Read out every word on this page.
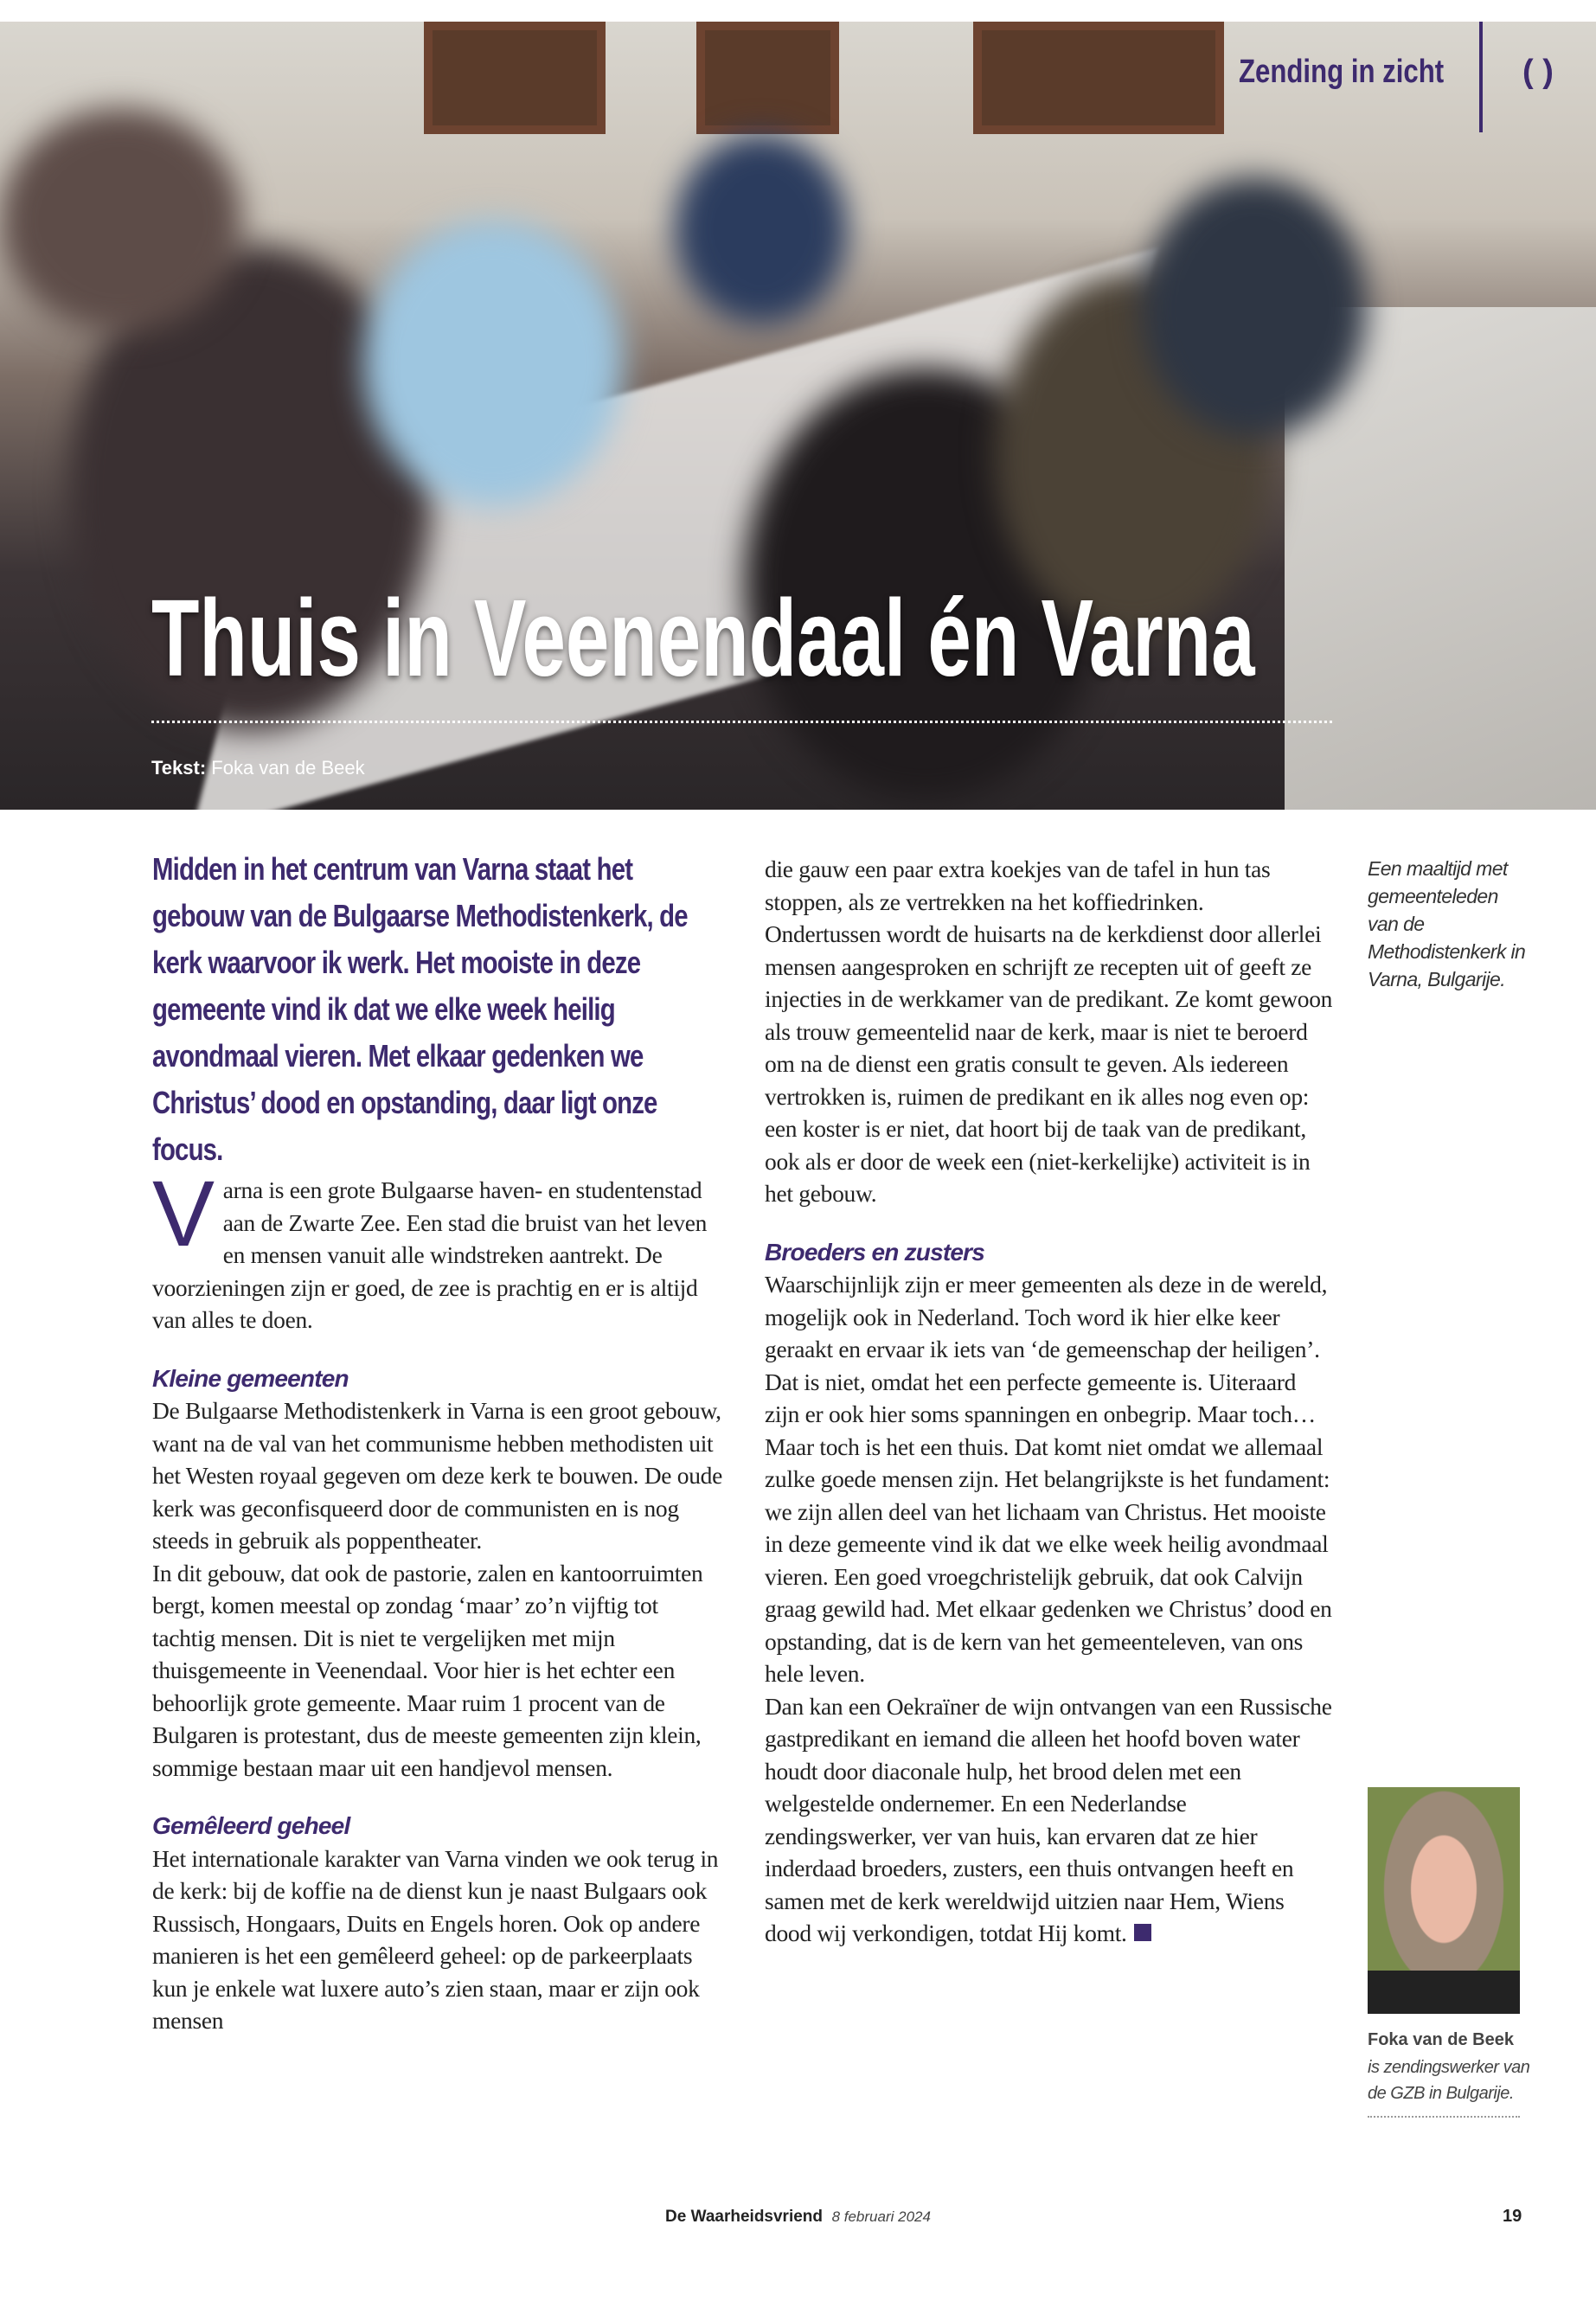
Zending in zicht ( )
Thuis in Veenendaal én Varna
Tekst: Foka van de Beek
Midden in het centrum van Varna staat het gebouw van de Bulgaarse Methodistenkerk, de kerk waarvoor ik werk. Het mooiste in deze gemeente vind ik dat we elke week heilig avondmaal vieren. Met elkaar gedenken we Christus’ dood en opstanding, daar ligt onze focus.

Varna is een grote Bulgaarse haven- en studentenstad aan de Zwarte Zee. Een stad die bruist van het leven en mensen vanuit alle windstreken aantrekt. De voorzieningen zijn er goed, de zee is prachtig en er is altijd van alles te doen.

Kleine gemeenten

De Bulgaarse Methodistenkerk in Varna is een groot gebouw, want na de val van het communisme hebben methodisten uit het Westen royaal gegeven om deze kerk te bouwen. De oude kerk was geconfisqueerd door de communisten en is nog steeds in gebruik als poppentheater.

In dit gebouw, dat ook de pastorie, zalen en kantoorruimten bergt, komen meestal op zondag ‘maar’ zo’n vijftig tot tachtig mensen. Dit is niet te vergelijken met mijn thuisgemeente in Veenendaal. Voor hier is het echter een behoorlijk grote gemeente. Maar ruim 1 procent van de Bulgaren is protestant, dus de meeste gemeenten zijn klein, sommige bestaan maar uit een handjevol mensen.

Gemêleerd geheel

Het internationale karakter van Varna vinden we ook terug in de kerk: bij de koffie na de dienst kun je naast Bulgaars ook Russisch, Hongaars, Duits en Engels horen. Ook op andere manieren is het een gemêleerd geheel: op de parkeerplaats kun je enkele wat luxere auto’s zien staan, maar er zijn ook mensen

die gauw een paar extra koekjes van de tafel in hun tas stoppen, als ze vertrekken na het koffiedrinken.

Ondertussen wordt de huisarts na de kerkdienst door allerlei mensen aangesproken en schrijft ze recepten uit of geeft ze injecties in de werkkamer van de predikant. Ze komt gewoon als trouw gemeentelid naar de kerk, maar is niet te beroerd om na de dienst een gratis consult te geven. Als iedereen vertrokken is, ruimen de predikant en ik alles nog even op: een koster is er niet, dat hoort bij de taak van de predikant, ook als er door de week een (niet-kerkelijke) activiteit is in het gebouw.

Broeders en zusters

Waarschijnlijk zijn er meer gemeenten als deze in de wereld, mogelijk ook in Nederland. Toch word ik hier elke keer geraakt en ervaar ik iets van ‘de gemeenschap der heiligen’. Dat is niet, omdat het een perfecte gemeente is. Uiteraard zijn er ook hier soms spanningen en onbegrip. Maar toch…

Maar toch is het een thuis. Dat komt niet omdat we allemaal zulke goede mensen zijn. Het belangrijkste is het fundament: we zijn allen deel van het lichaam van Christus. Het mooiste in deze gemeente vind ik dat we elke week heilig avondmaal vieren. Een goed vroegchristelijk gebruik, dat ook Calvijn graag gewild had. Met elkaar gedenken we Christus’ dood en opstanding, dat is de kern van het gemeenteleven, van ons hele leven.

Dan kan een Oekraïner de wijn ontvangen van een Russische gastpredikant en iemand die alleen het hoofd boven water houdt door diaconale hulp, het brood delen met een welgestelde ondernemer. En een Nederlandse zendingswerker, ver van huis, kan ervaren dat ze hier inderdaad broeders, zusters, een thuis ontvangen heeft en samen met de kerk wereldwijd uitzien naar Hem, Wiens dood wij verkondigen, totdat Hij komt.

Een maaltijd met gemeenteleden van de Methodistenkerk in Varna, Bulgarije.
Foka van de Beek
is zendingswerker van de GZB in Bulgarije.
De Waarheidsvriend 8 februari 2024	19
